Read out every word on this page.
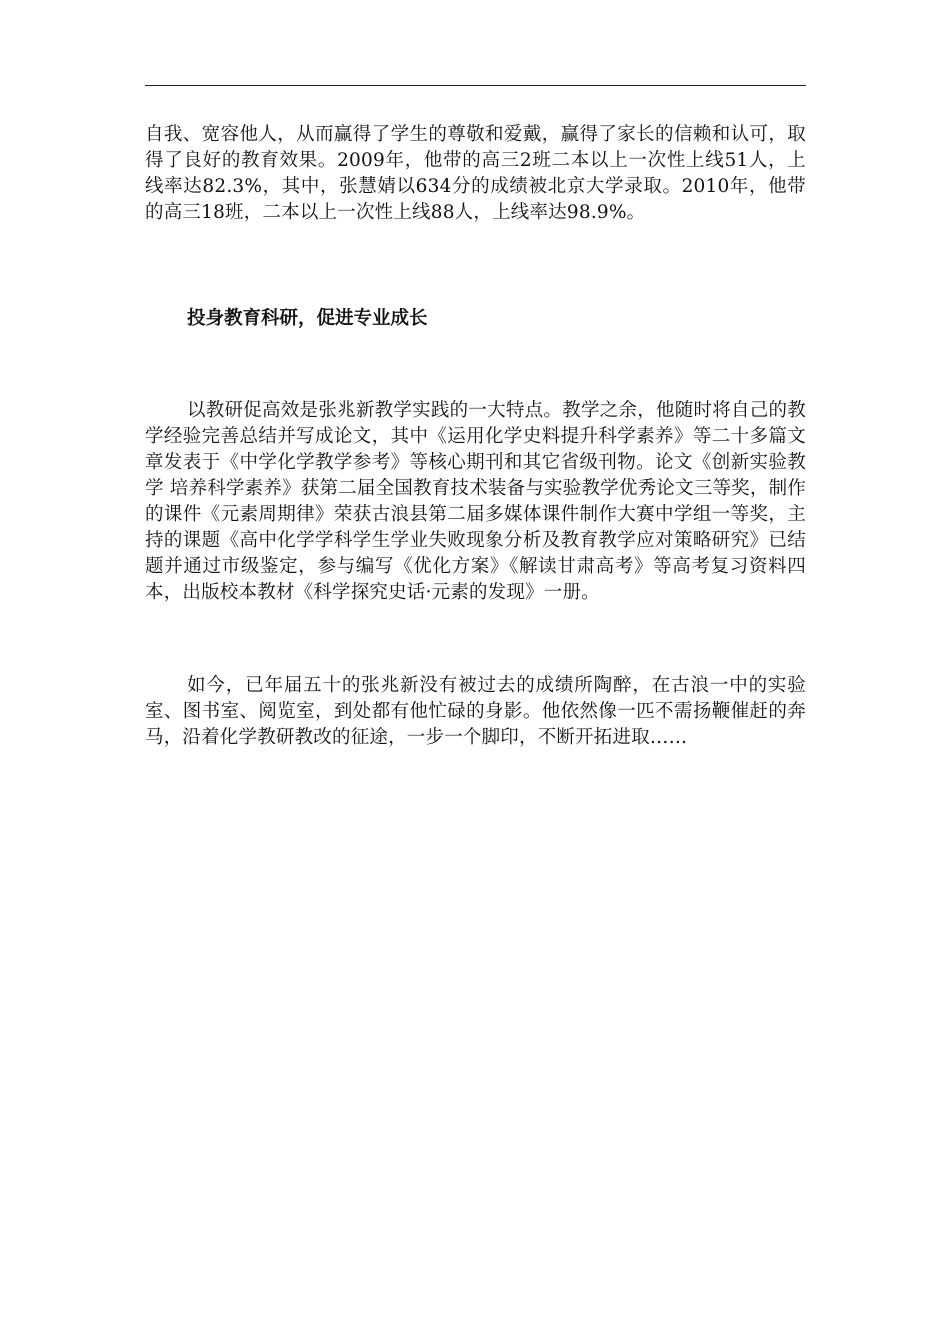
自我、宽容他人，从而赢得了学生的尊敬和爱戴，赢得了家长的信赖和认可，取得了良好的教育效果。2009年，他带的高三2班二本以上一次性上线51人，上线率达82.3%，其中，张慧婧以634分的成绩被北京大学录取。2010年，他带的高三18班，二本以上一次性上线88人，上线率达98.9%。

投身教育科研，促进专业成长

以教研促高效是张兆新教学实践的一大特点。教学之余，他随时将自己的教学经验完善总结并写成论文，其中《运用化学史料提升科学素养》等二十多篇文章发表于《中学化学教学参考》等核心期刊和其它省级刊物。论文《创新实验教学 培养科学素养》获第二届全国教育技术装备与实验教学优秀论文三等奖，制作的课件《元素周期律》荣获古浪县第二届多媒体课件制作大赛中学组一等奖，主持的课题《高中化学学科学生学业失败现象分析及教育教学应对策略研究》已结题并通过市级鉴定，参与编写《优化方案》《解读甘肃高考》等高考复习资料四本，出版校本教材《科学探究史话·元素的发现》一册。

如今，已年届五十的张兆新没有被过去的成绩所陶醉，在古浪一中的实验室、图书室、阅览室，到处都有他忙碌的身影。他依然像一匹不需扬鞭催赶的奔马，沿着化学教研教改的征途，一步一个脚印，不断开拓进取……
